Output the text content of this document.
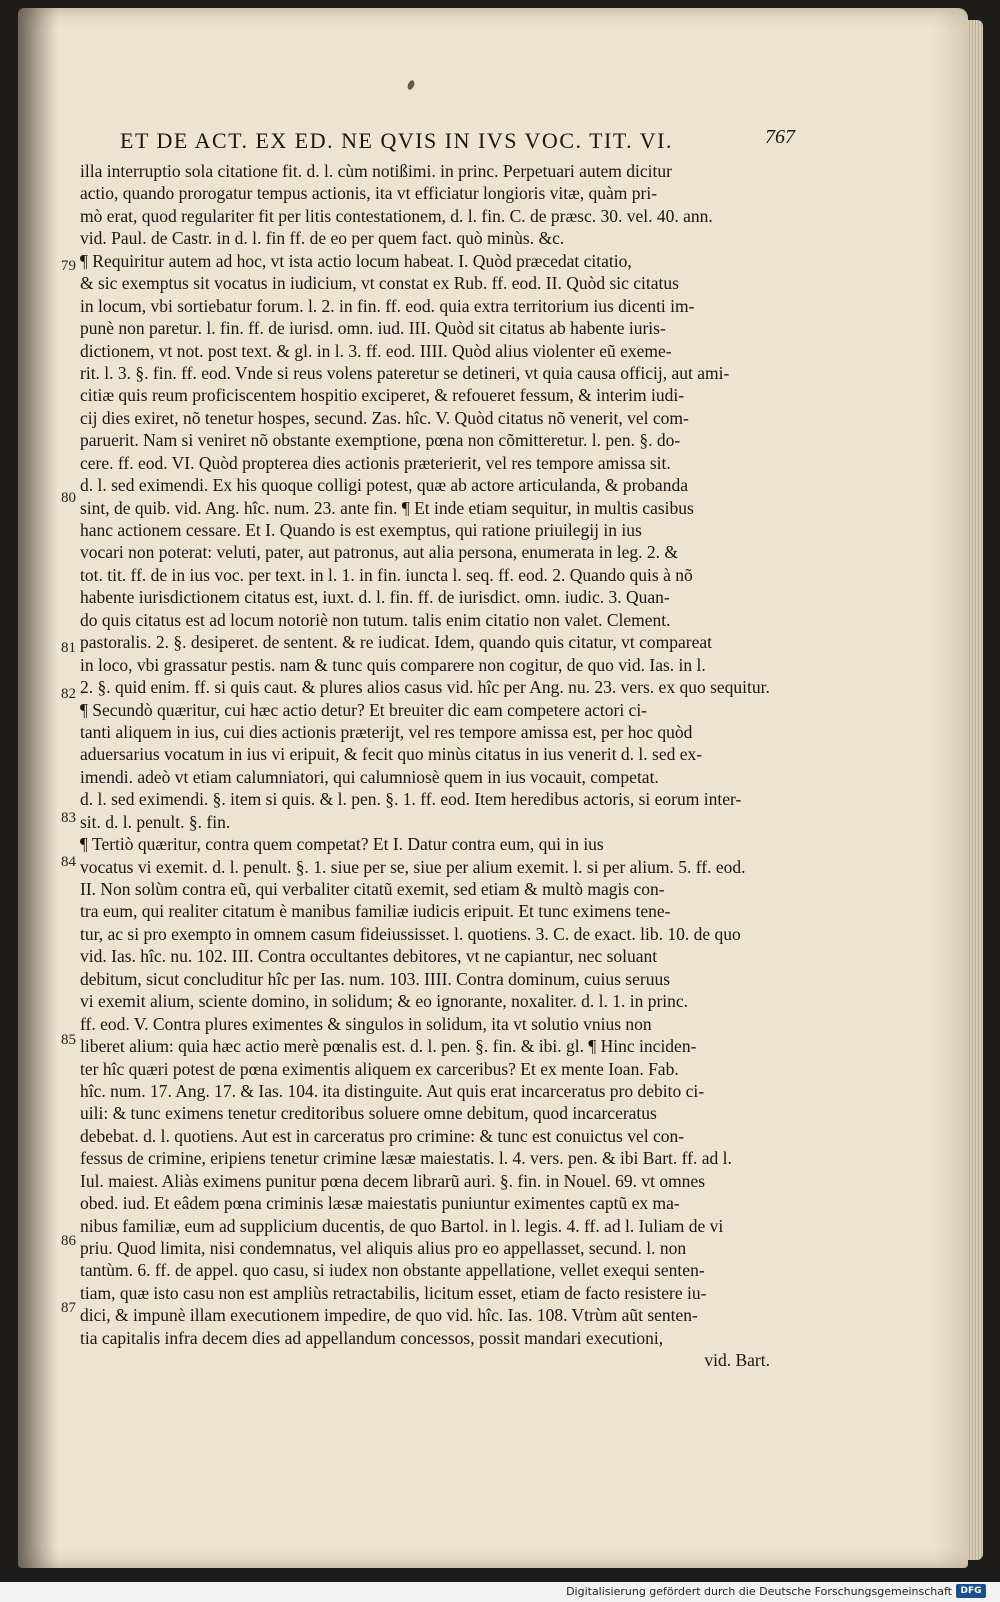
ET DE ACT. EX ED. NE QVIS IN IVS VOC. TIT. VI.	767
illa interruptio sola citatione fit. d. l. cùm notißimi. in princ. Perpetuari autem dicitur
actio, quando prorogatur tempus actionis, ita vt efficiatur longioris vitæ, quàm pri-
mò erat, quod regulariter fit per litis contestationem, d. l. fin. C. de præsc. 30. vel. 40. ann.
vid. Paul. de Castr. in d. l. fin ff. de eo per quem fact. quò minùs. &c.
¶ Requiritur autem ad hoc, vt ista actio locum habeat. I. Quòd præcedat citatio,
& sic exemptus sit vocatus in iudicium, vt constat ex Rub. ff. eod. II. Quòd sic citatus
in locum, vbi sortiebatur forum. l. 2. in fin. ff. eod. quia extra territorium ius dicenti im-
punè non paretur. l. fin. ff. de iurisd. omn. iud. III. Quòd sit citatus ab habente iuris-
dictionem, vt not. post text. & gl. in l. 3. ff. eod. IIII. Quòd alius violenter eũ exeme-
rit. l. 3. §. fin. ff. eod. Vnde si reus volens pateretur se detineri, vt quia causa officij, aut ami-
citiæ quis reum proficiscentem hospitio exciperet, & refoueret fessum, & interim iudi-
cij dies exiret, nõ tenetur hospes, secund. Zas. hîc. V. Quòd citatus nõ venerit, vel com-
paruerit. Nam si veniret nõ obstante exemptione, pœna non cõmitteretur. l. pen. §. do-
cere. ff. eod. VI. Quòd propterea dies actionis præterierit, vel res tempore amissa sit.
d. l. sed eximendi. Ex his quoque colligi potest, quæ ab actore articulanda, & probanda
sint, de quib. vid. Ang. hîc. num. 23. ante fin. ¶ Et inde etiam sequitur, in multis casibus
hanc actionem cessare. Et I. Quando is est exemptus, qui ratione priuilegij in ius
vocari non poterat: veluti, pater, aut patronus, aut alia persona, enumerata in leg. 2. &
tot. tit. ff. de in ius voc. per text. in l. 1. in fin. iuncta l. seq. ff. eod. 2. Quando quis à nõ
habente iurisdictionem citatus est, iuxt. d. l. fin. ff. de iurisdict. omn. iudic. 3. Quan-
do quis citatus est ad locum notoriè non tutum. talis enim citatio non valet. Clement.
pastoralis. 2. §. desiperet. de sentent. & re iudicat. Idem, quando quis citatur, vt compareat
in loco, vbi grassatur pestis. nam & tunc quis comparere non cogitur, de quo vid. Ias. in l.
2. §. quid enim. ff. si quis caut. & plures alios casus vid. hîc per Ang. nu. 23. vers. ex quo sequitur.
¶ Secundò quæritur, cui hæc actio detur? Et breuiter dic eam competere actori ci-
tanti aliquem in ius, cui dies actionis præterijt, vel res tempore amissa est, per hoc quòd
aduersarius vocatum in ius vi eripuit, & fecit quo minùs citatus in ius venerit d. l. sed ex-
imendi. adeò vt etiam calumniatori, qui calumniosè quem in ius vocauit, competat.
d. l. sed eximendi. §. item si quis. & l. pen. §. 1. ff. eod. Item heredibus actoris, si eorum inter-
sit. d. l. penult. §. fin.
¶ Tertiò quæritur, contra quem competat? Et I. Datur contra eum, qui in ius
vocatus vi exemit. d. l. penult. §. 1. siue per se, siue per alium exemit. l. si per alium. 5. ff. eod.
II. Non solùm contra eũ, qui verbaliter citatũ exemit, sed etiam & multò magis con-
tra eum, qui realiter citatum è manibus familiæ iudicis eripuit. Et tunc eximens tene-
tur, ac si pro exempto in omnem casum fideiussisset. l. quotiens. 3. C. de exact. lib. 10. de quo
vid. Ias. hîc. nu. 102. III. Contra occultantes debitores, vt ne capiantur, nec soluant
debitum, sicut concluditur hîc per Ias. num. 103. IIII. Contra dominum, cuius seruus
vi exemit alium, sciente domino, in solidum; & eo ignorante, noxaliter. d. l. 1. in princ.
ff. eod. V. Contra plures eximentes & singulos in solidum, ita vt solutio vnius non
liberet alium: quia hæc actio merè pœnalis est. d. l. pen. §. fin. & ibi. gl. ¶ Hinc inciden-
ter hîc quæri potest de pœna eximentis aliquem ex carceribus? Et ex mente Ioan. Fab.
hîc. num. 17. Ang. 17. & Ias. 104. ita distinguite. Aut quis erat incarceratus pro debito ci-
uili: & tunc eximens tenetur creditoribus soluere omne debitum, quod incarceratus
debebat. d. l. quotiens. Aut est in carceratus pro crimine: & tunc est conuictus vel con-
fessus de crimine, eripiens tenetur crimine læsæ maiestatis. l. 4. vers. pen. & ibi Bart. ff. ad l.
Iul. maiest. Aliàs eximens punitur pœna decem librarũ auri. §. fin. in Nouel. 69. vt omnes
obed. iud. Et eâdem pœna criminis læsæ maiestatis puniuntur eximentes captũ ex ma-
nibus familiæ, eum ad supplicium ducentis, de quo Bartol. in l. legis. 4. ff. ad l. Iuliam de vi
priu. Quod limita, nisi condemnatus, vel aliquis alius pro eo appellasset, secund. l. non
tantùm. 6. ff. de appel. quo casu, si iudex non obstante appellatione, vellet exequi senten-
tiam, quæ isto casu non est ampliùs retractabilis, licitum esset, etiam de facto resistere iu-
dici, & impunè illam executionem impedire, de quo vid. hîc. Ias. 108. Vtrùm aũt senten-
tia capitalis infra decem dies ad appellandum concessos, possit mandari executioni,
vid. Bart.
79
80
81
82
83
84
85
86
87
Digitalisierung gefördert durch die Deutsche Forschungsgemeinschaft DFG
